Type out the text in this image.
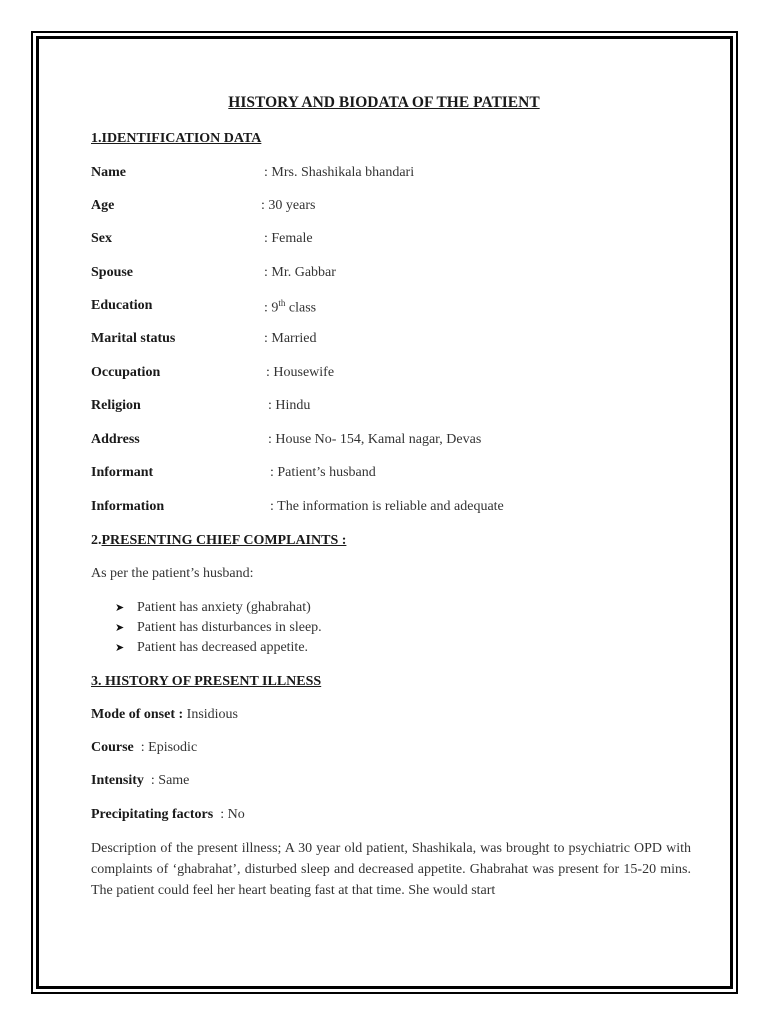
HISTORY AND BIODATA OF THE PATIENT
1.IDENTIFICATION DATA
Name	: Mrs. Shashikala bhandari
Age	: 30 years
Sex	: Female
Spouse	: Mr. Gabbar
Education	: 9th class
Marital status	: Married
Occupation	: Housewife
Religion	: Hindu
Address	: House No- 154, Kamal nagar, Devas
Informant	: Patient’s husband
Information	: The information is reliable and adequate
2.PRESENTING CHIEF COMPLAINTS :
As per the patient’s husband:
➤ Patient has anxiety (ghabrahat)
➤ Patient has disturbances in sleep.
➤ Patient has decreased appetite.
3. HISTORY OF PRESENT ILLNESS
Mode of onset : Insidious
Course  : Episodic
Intensity  : Same
Precipitating factors  : No
Description of the present illness; A 30 year old patient, Shashikala, was brought to psychiatric OPD with complaints of ‘ghabrahat’, disturbed sleep and decreased appetite. Ghabrahat was present for 15-20 mins. The patient could feel her heart beating fast at that time. She would start
